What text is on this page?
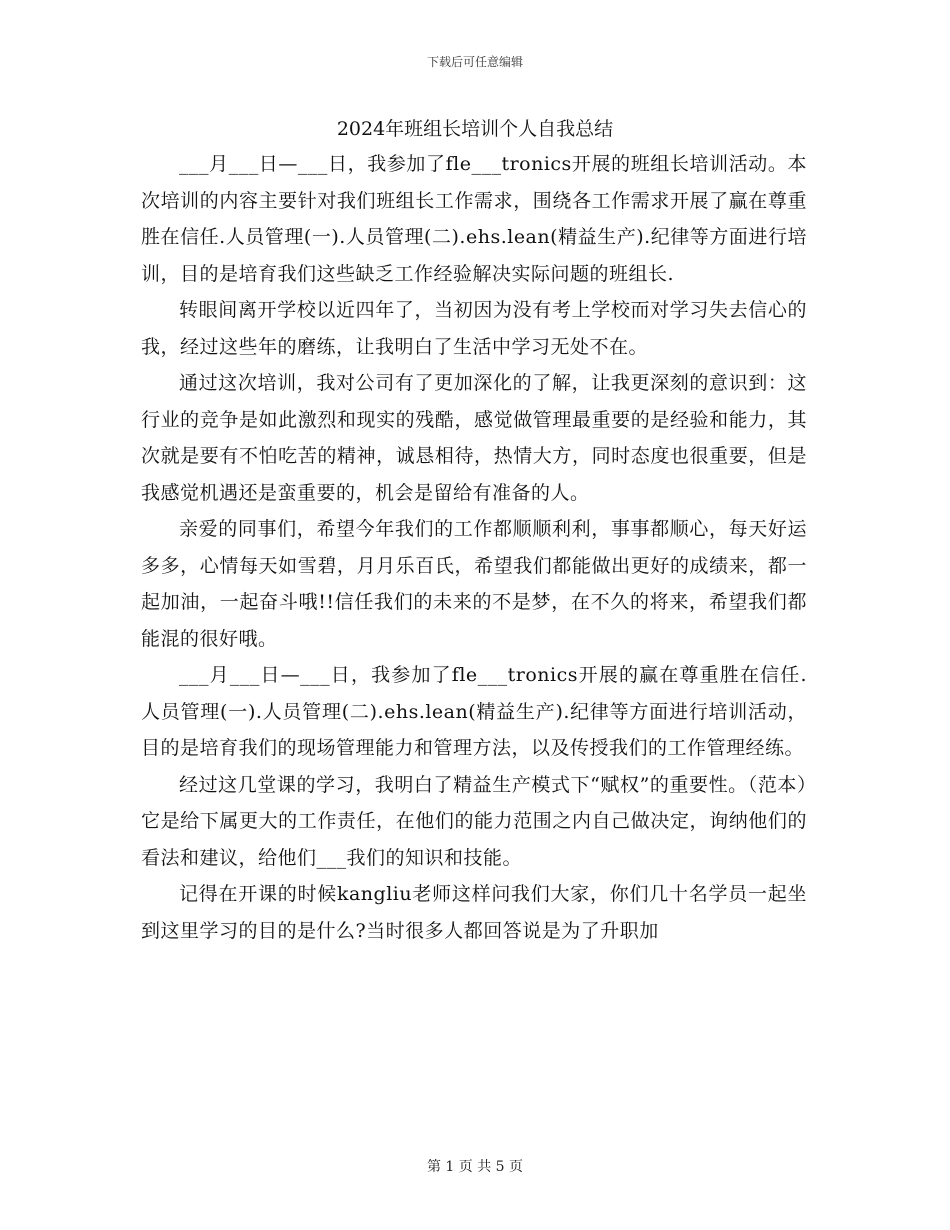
下载后可任意编辑
2024年班组长培训个人自我总结

___月___日—___日，我参加了fle___tronics开展的班组长培训活动。本次培训的内容主要针对我们班组长工作需求，围绕各工作需求开展了赢在尊重胜在信任.人员管理(一).人员管理(二).ehs.lean(精益生产).纪律等方面进行培训，目的是培育我们这些缺乏工作经验解决实际问题的班组长.

转眼间离开学校以近四年了，当初因为没有考上学校而对学习失去信心的我，经过这些年的磨练，让我明白了生活中学习无处不在。

通过这次培训，我对公司有了更加深化的了解，让我更深刻的意识到：这行业的竞争是如此激烈和现实的残酷，感觉做管理最重要的是经验和能力，其次就是要有不怕吃苦的精神，诚恳相待，热情大方，同时态度也很重要，但是我感觉机遇还是蛮重要的，机会是留给有准备的人。

亲爱的同事们，希望今年我们的工作都顺顺利利，事事都顺心，每天好运多多，心情每天如雪碧，月月乐百氏，希望我们都能做出更好的成绩来，都一起加油，一起奋斗哦!!信任我们的未来的不是梦，在不久的将来，希望我们都能混的很好哦。

___月___日—___日，我参加了fle___tronics开展的赢在尊重胜在信任.人员管理(一).人员管理(二).ehs.lean(精益生产).纪律等方面进行培训活动，目的是培育我们的现场管理能力和管理方法，以及传授我们的工作管理经练。

经过这几堂课的学习，我明白了精益生产模式下“赋权”的重要性。（范本）它是给下属更大的工作责任，在他们的能力范围之内自己做决定，询纳他们的看法和建议，给他们___我们的知识和技能。

记得在开课的时候kangliu老师这样问我们大家，你们几十名学员一起坐到这里学习的目的是什么?当时很多人都回答说是为了升职加

第 1 页 共 5 页
